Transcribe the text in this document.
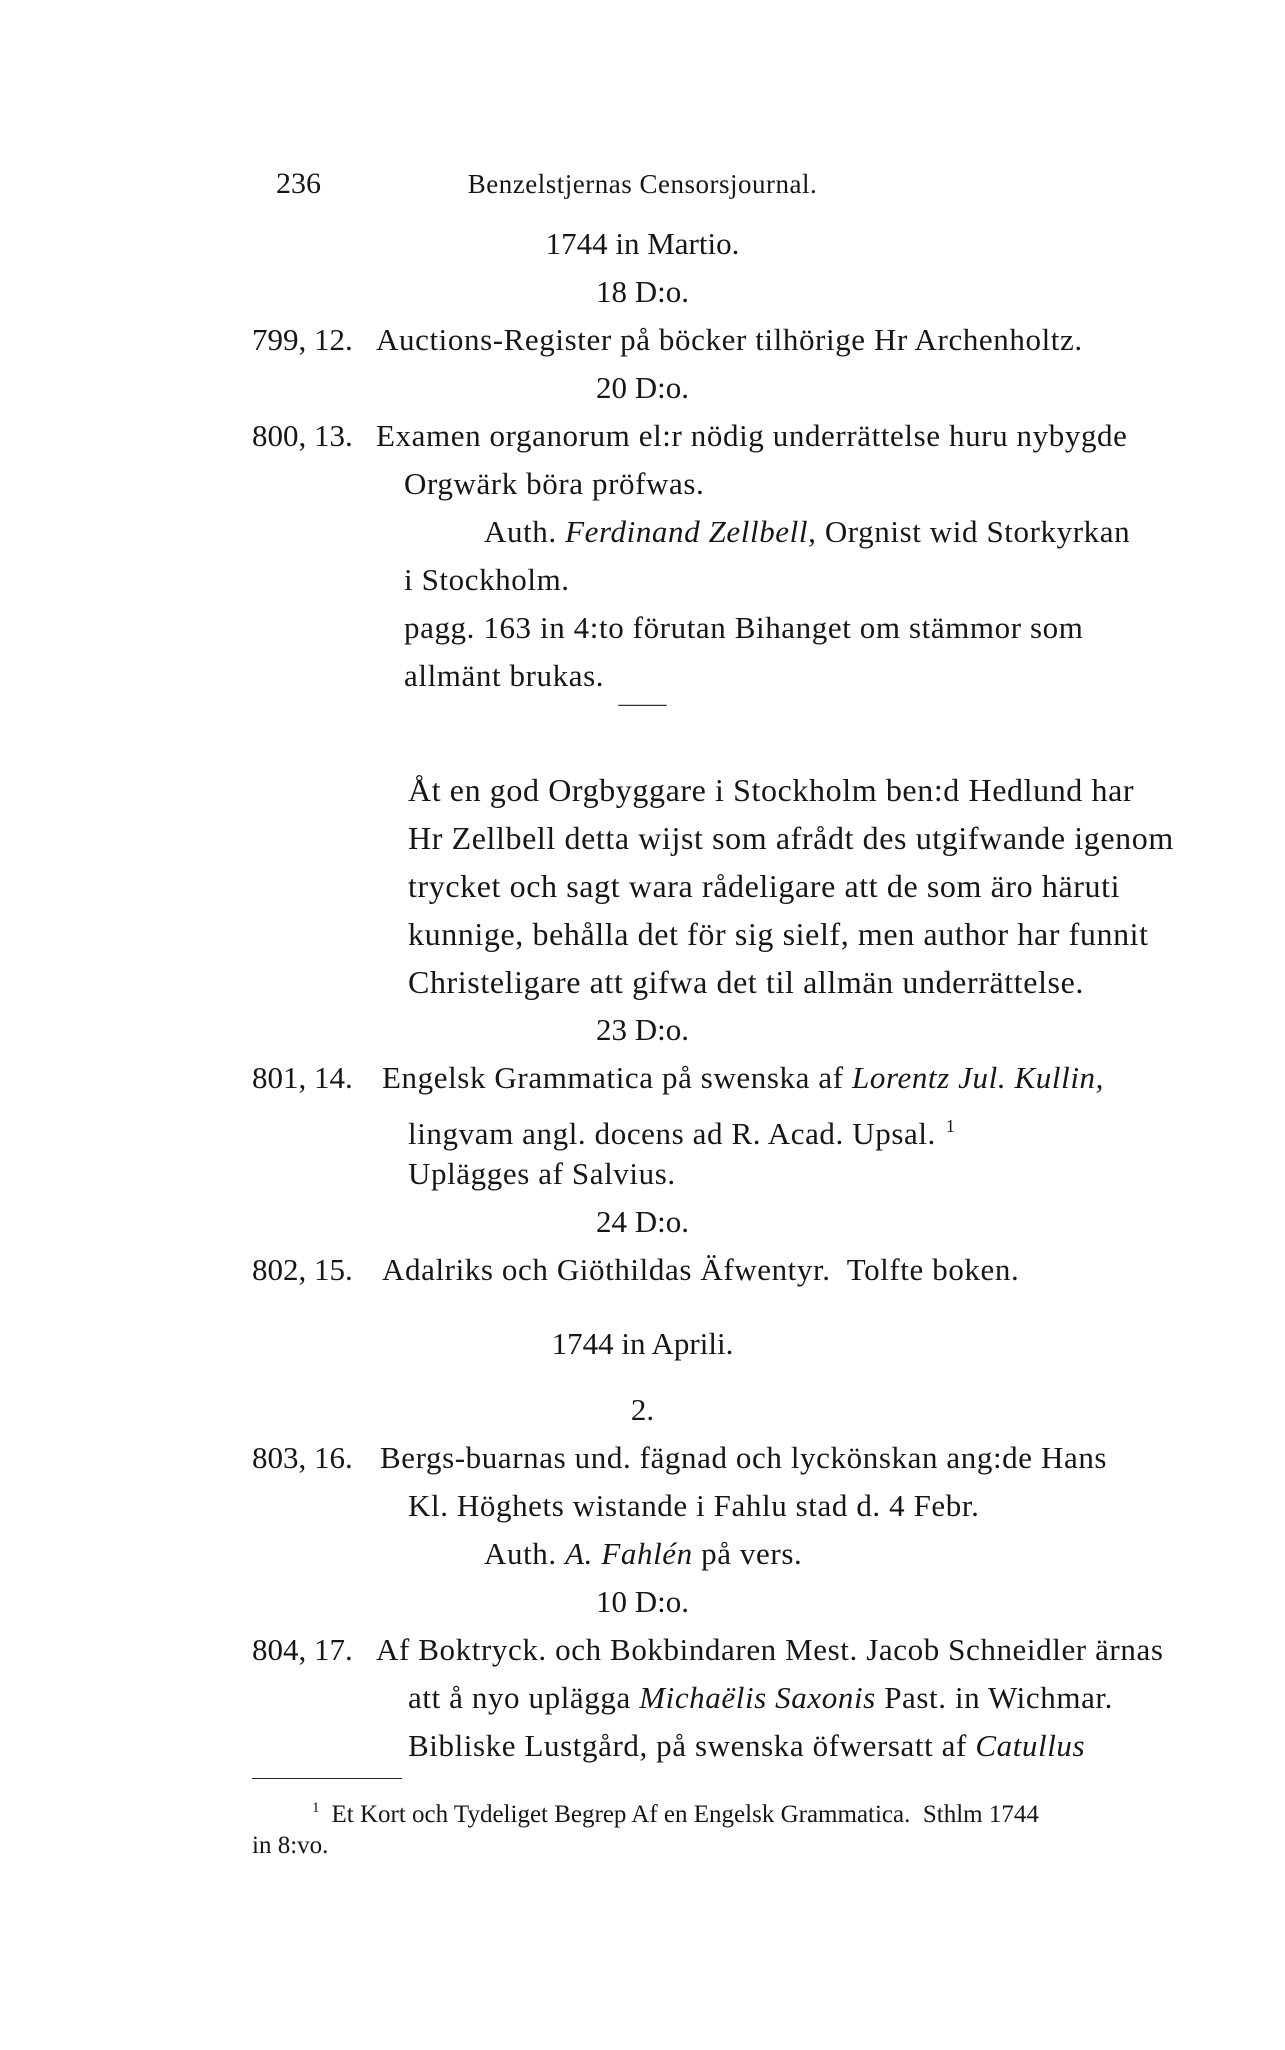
236	Benzelstjernas Censorsjournal.
1744 in Martio.
18 D:o.
799, 12. Auctions-Register på böcker tilhörige Hr Archenholtz.
20 D:o.
800, 13. Examen organorum el:r nödig underrättelse huru nybygde
Orgwärk böra pröfwas.
Auth. Ferdinand Zellbell, Orgnist wid Storkyrkan
i Stockholm.
pagg. 163 in 4:to förutan Bihanget om stämmor som
allmänt brukas.
——
Åt en god Orgbyggare i Stockholm ben:d Hedlund har
Hr Zellbell detta wijst som afrådt des utgifwande igenom
trycket och sagt wara rådeligare att de som äro häruti
kunnige, behålla det för sig sielf, men author har funnit
Christeligare att gifwa det til allmän underrättelse.
23 D:o.
801, 14. Engelsk Grammatica på swenska af Lorentz Jul. Kullin,
lingvam angl. docens ad R. Acad. Upsal. $^1$
Uplägges af Salvius.
24 D:o.
802, 15. Adalriks och Giöthildas Äfwentyr.  Tolfte boken.
1744 in Aprili.
2.
803, 16. Bergs-buarnas und. fägnad och lyckönskan ang:de Hans
Kl. Höghets wistande i Fahlu stad d. 4 Febr.
Auth. A. Fahlén på vers.
10 D:o.
804, 17. Af Boktryck. och Bokbindaren Mest. Jacob Schneidler ärnas
att å nyo uplägga Michaëlis Saxonis Past. in Wichmar.
Bibliske Lustgård, på swenska öfwersatt af Catullus
$^1$ Et Kort och Tydeliget Begrep Af en Engelsk Grammatica.  Sthlm 1744
in 8:vo.
